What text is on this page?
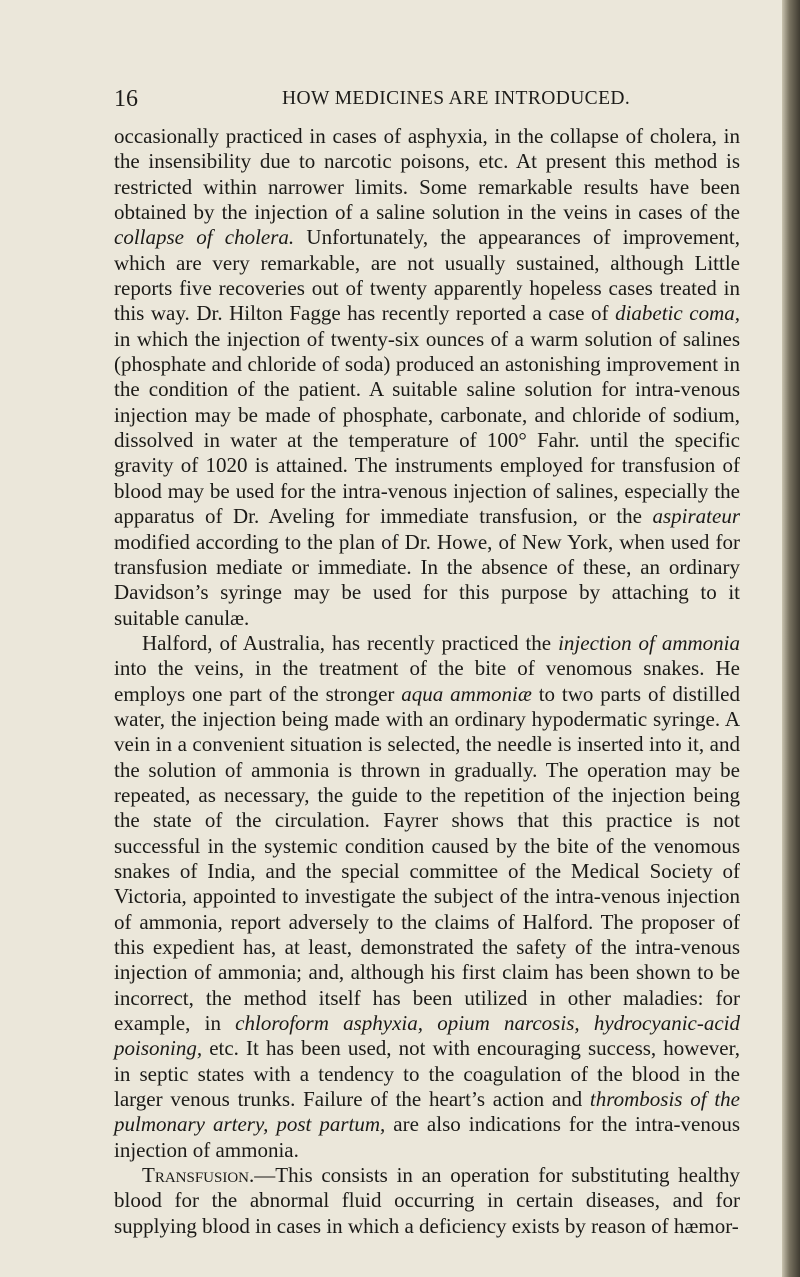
16	HOW MEDICINES ARE INTRODUCED.

occasionally practiced in cases of asphyxia, in the collapse of cholera, in the insensibility due to narcotic poisons, etc. At present this method is restricted within narrower limits. Some remarkable results have been obtained by the injection of a saline solution in the veins in cases of the collapse of cholera. Unfortunately, the appearances of improvement, which are very remarkable, are not usually sustained, although Little reports five recoveries out of twenty apparently hopeless cases treated in this way. Dr. Hilton Fagge has recently reported a case of diabetic coma, in which the injection of twenty-six ounces of a warm solution of salines (phosphate and chloride of soda) produced an astonishing improvement in the condition of the patient. A suitable saline solution for intra-venous injection may be made of phosphate, carbonate, and chloride of sodium, dissolved in water at the temperature of 100° Fahr. until the specific gravity of 1020 is attained. The instruments employed for transfusion of blood may be used for the intra-venous injection of salines, especially the apparatus of Dr. Aveling for immediate transfusion, or the aspirateur modified according to the plan of Dr. Howe, of New York, when used for transfusion mediate or immediate. In the absence of these, an ordinary Davidson’s syringe may be used for this purpose by attaching to it suitable canulæ.

Halford, of Australia, has recently practiced the injection of ammonia into the veins, in the treatment of the bite of venomous snakes. He employs one part of the stronger aqua ammoniæ to two parts of distilled water, the injection being made with an ordinary hypodermatic syringe. A vein in a convenient situation is selected, the needle is inserted into it, and the solution of ammonia is thrown in gradually. The operation may be repeated, as necessary, the guide to the repetition of the injection being the state of the circulation. Fayrer shows that this practice is not successful in the systemic condition caused by the bite of the venomous snakes of India, and the special committee of the Medical Society of Victoria, appointed to investigate the subject of the intra-venous injection of ammonia, report adversely to the claims of Halford. The proposer of this expedient has, at least, demonstrated the safety of the intra-venous injection of ammonia; and, although his first claim has been shown to be incorrect, the method itself has been utilized in other maladies: for example, in chloroform asphyxia, opium narcosis, hydrocyanic-acid poisoning, etc. It has been used, not with encouraging success, however, in septic states with a tendency to the coagulation of the blood in the larger venous trunks. Failure of the heart’s action and thrombosis of the pulmonary artery, post partum, are also indications for the intra-venous injection of ammonia.

Transfusion.—This consists in an operation for substituting healthy blood for the abnormal fluid occurring in certain diseases, and for supplying blood in cases in which a deficiency exists by reason of hæmor-
